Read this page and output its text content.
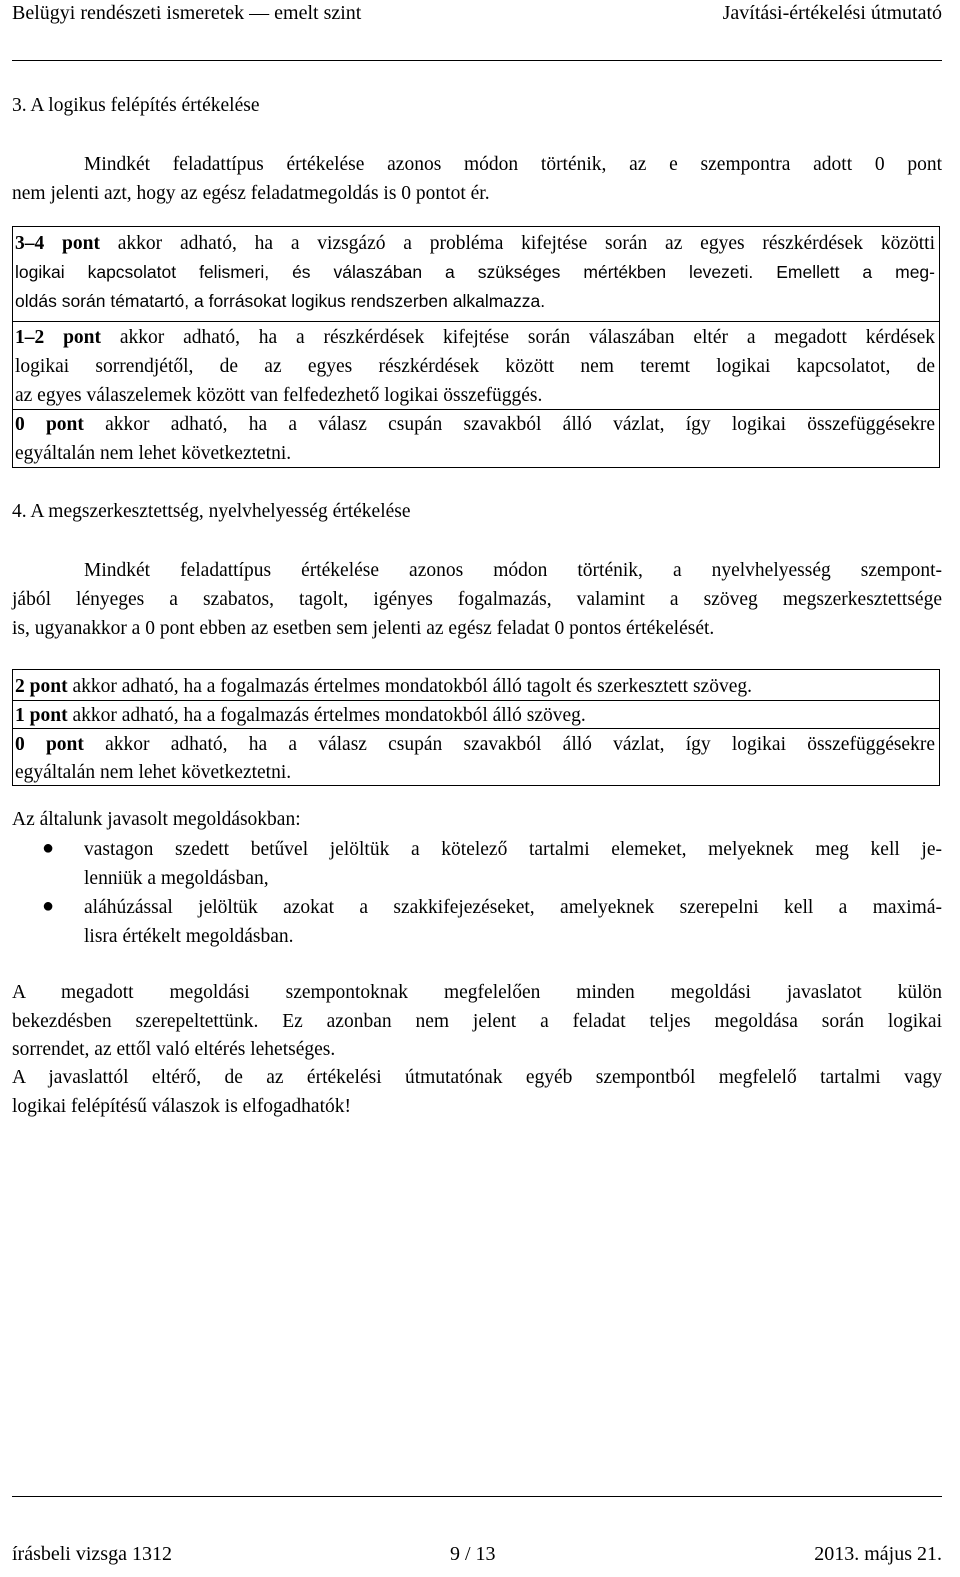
Belügyi rendészeti ismeretek — emelt szint	Javítási-értékelési útmutató
3. A logikus felépítés értékelése
Mindkét feladattípus értékelése azonos módon történik, az e szempontra adott 0 pont
nem jelenti azt, hogy az egész feladatmegoldás is 0 pontot ér.
3–4 pont akkor adható, ha a vizsgázó a probléma kifejtése során az egyes részkérdések közötti
logikai kapcsolatot felismeri, és válaszában a szükséges mértékben levezeti. Emellett a meg-
oldás során tématartó, a forrásokat logikus rendszerben alkalmazza.
1–2 pont akkor adható, ha a részkérdések kifejtése során válaszában eltér a megadott kérdések
logikai sorrendjétől, de az egyes részkérdések között nem teremt logikai kapcsolatot, de
az egyes válaszelemek között van felfedezhető logikai összefüggés.
0 pont akkor adható, ha a válasz csupán szavakból álló vázlat, így logikai összefüggésekre
egyáltalán nem lehet következtetni.
4. A megszerkesztettség, nyelvhelyesség értékelése
Mindkét feladattípus értékelése azonos módon történik, a nyelvhelyesség szempont-
jából lényeges a szabatos, tagolt, igényes fogalmazás, valamint a szöveg megszerkesztettsége
is, ugyanakkor a 0 pont ebben az esetben sem jelenti az egész feladat 0 pontos értékelését.
2 pont akkor adható, ha a fogalmazás értelmes mondatokból álló tagolt és szerkesztett szöveg.
1 pont akkor adható, ha a fogalmazás értelmes mondatokból álló szöveg.
0 pont akkor adható, ha a válasz csupán szavakból álló vázlat, így logikai összefüggésekre
egyáltalán nem lehet következtetni.
Az általunk javasolt megoldásokban:
● vastagon szedett betűvel jelöltük a kötelező tartalmi elemeket, melyeknek meg kell je-
lenniük a megoldásban,
● aláhúzással jelöltük azokat a szakkifejezéseket, amelyeknek szerepelni kell a maximá-
lisra értékelt megoldásban.
A megadott megoldási szempontoknak megfelelően minden megoldási javaslatot külön
bekezdésben szerepeltettünk. Ez azonban nem jelent a feladat teljes megoldása során logikai
sorrendet, az ettől való eltérés lehetséges.
A javaslattól eltérő, de az értékelési útmutatónak egyéb szempontból megfelelő tartalmi vagy
logikai felépítésű válaszok is elfogadhatók!
írásbeli vizsga 1312	9 / 13	2013. május 21.
